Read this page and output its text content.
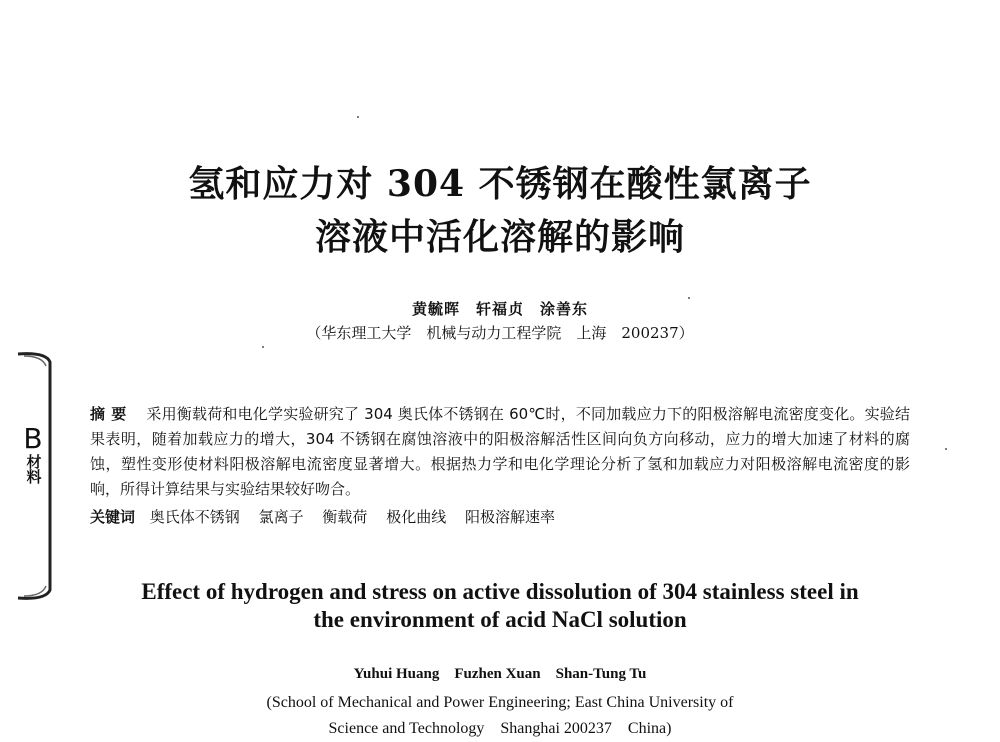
B
材料
氢和应力对 304 不锈钢在酸性氯离子
溶液中活化溶解的影响
黄毓晖　轩福贞　涂善东
（华东理工大学　机械与动力工程学院　上海　200237）
摘要 采用衡载荷和电化学实验研究了 304 奥氏体不锈钢在 60℃时，不同加载应力下的阳极溶解电流密度变化。实验结果表明，随着加载应力的增大，304 不锈钢在腐蚀溶液中的阳极溶解活性区间向负方向移动，应力的增大加速了材料的腐蚀，塑性变形使材料阳极溶解电流密度显著增大。根据热力学和电化学理论分析了氢和加载应力对阳极溶解电流密度的影响，所得计算结果与实验结果较好吻合。
关键词 奥氏体不锈钢 氯离子 衡载荷 极化曲线 阳极溶解速率
Effect of hydrogen and stress on active dissolution of 304 stainless steel in
the environment of acid NaCl solution
Yuhui Huang　Fuzhen Xuan　Shan-Tung Tu
(School of Mechanical and Power Engineering; East China University of
Science and Technology　Shanghai 200237　China)
